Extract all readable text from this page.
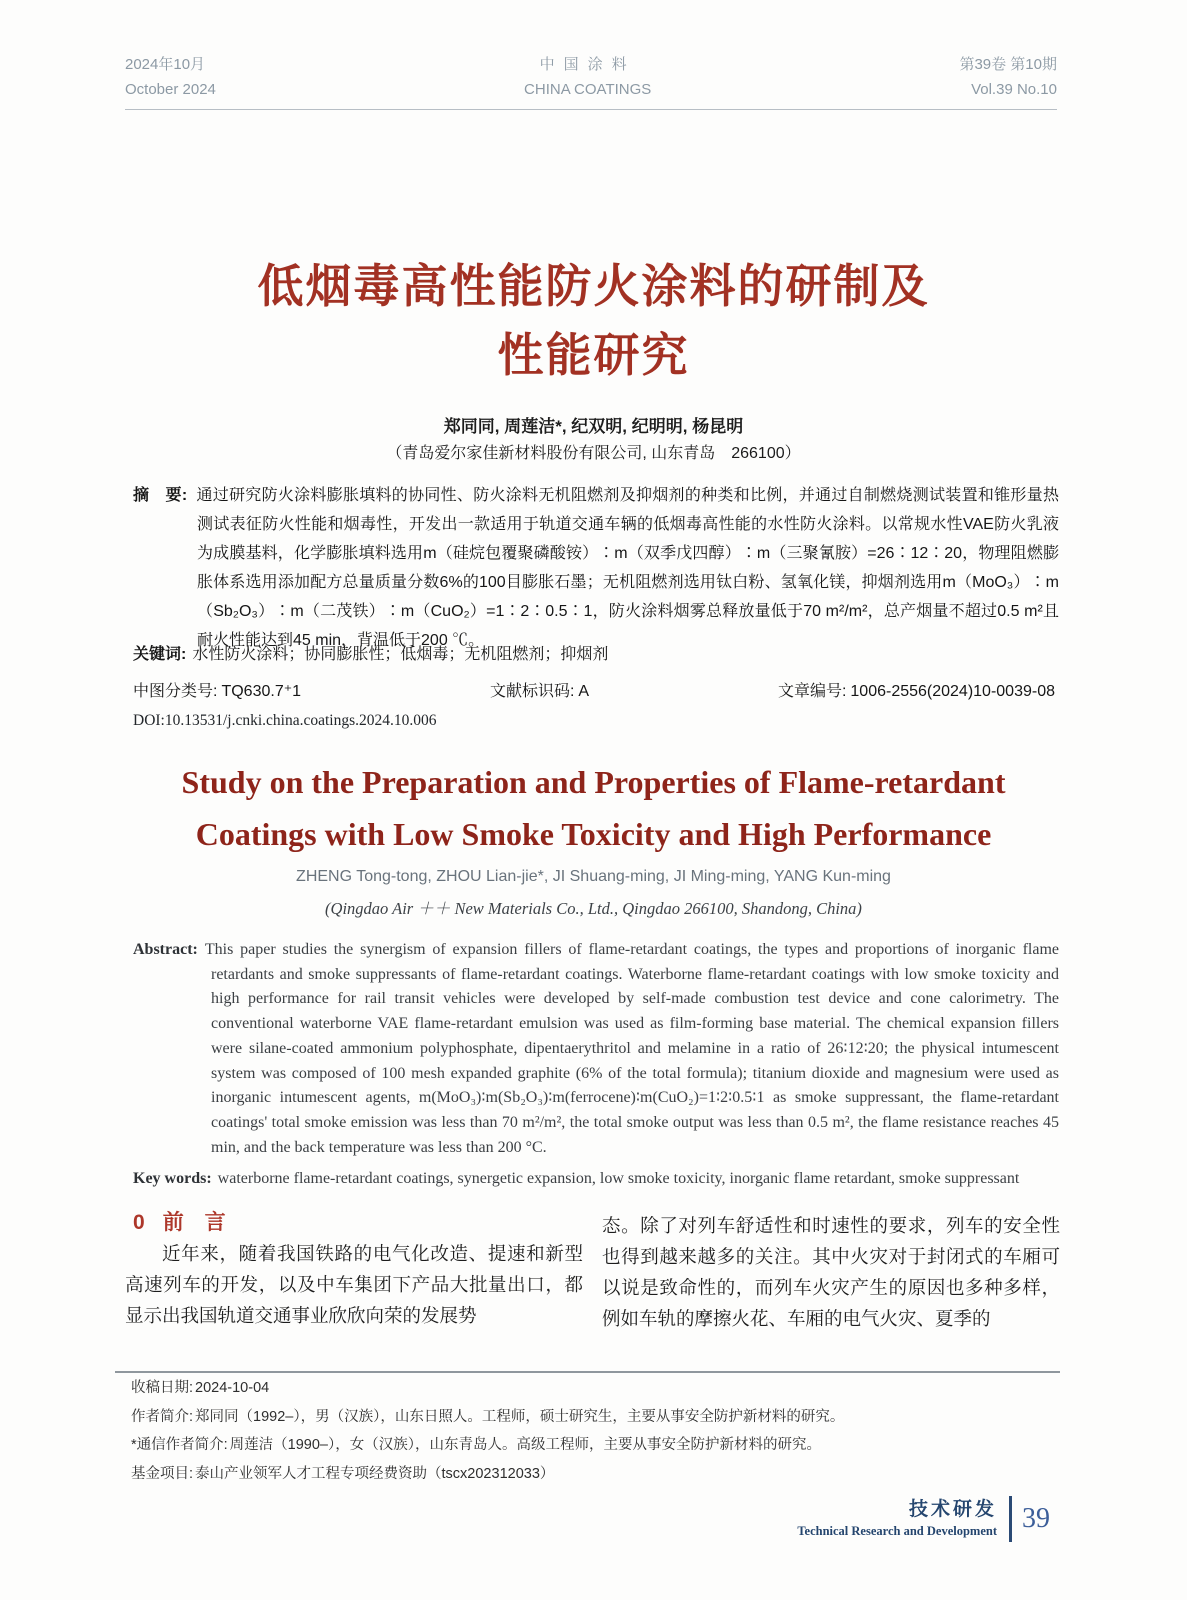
2024年10月
October 2024
中国涂料
CHINA COATINGS
第39卷 第10期
Vol.39 No.10
低烟毒高性能防火涂料的研制及
性能研究
郑同同, 周莲洁*, 纪双明, 纪明明, 杨昆明
（青岛爱尔家佳新材料股份有限公司, 山东青岛　266100）
摘　要: 通过研究防火涂料膨胀填料的协同性、防火涂料无机阻燃剂及抑烟剂的种类和比例，并通过自制燃烧测试装置和锥形量热测试表征防火性能和烟毒性，开发出一款适用于轨道交通车辆的低烟毒高性能的水性防火涂料。以常规水性VAE防火乳液为成膜基料，化学膨胀填料选用m（硅烷包覆聚磷酸铵）∶m（双季戊四醇）∶m（三聚氰胺）=26∶12∶20，物理阻燃膨胀体系选用添加配方总量质量分数6%的100目膨胀石墨；无机阻燃剂选用钛白粉、氢氧化镁，抑烟剂选用m（MoO₃）∶m（Sb₂O₃）∶m（二茂铁）∶m（CuO₂）=1∶2∶0.5∶1，防火涂料烟雾总释放量低于70 m²/m²，总产烟量不超过0.5 m²且耐火性能达到45 min，背温低于200 ℃。
关键词: 水性防火涂料；协同膨胀性；低烟毒；无机阻燃剂；抑烟剂
中图分类号: TQ630.7⁺1	文献标识码: A	文章编号: 1006-2556(2024)10-0039-08
DOI:10.13531/j.cnki.china.coatings.2024.10.006
Study on the Preparation and Properties of Flame-retardant
Coatings with Low Smoke Toxicity and High Performance
ZHENG Tong-tong, ZHOU Lian-jie*, JI Shuang-ming, JI Ming-ming, YANG Kun-ming
(Qingdao Air ＋＋ New Materials Co., Ltd., Qingdao 266100, Shandong, China)
Abstract: This paper studies the synergism of expansion fillers of flame-retardant coatings, the types and proportions of inorganic flame retardants and smoke suppressants of flame-retardant coatings. Waterborne flame-retardant coatings with low smoke toxicity and high performance for rail transit vehicles were developed by self-made combustion test device and cone calorimetry. The conventional waterborne VAE flame-retardant emulsion was used as film-forming base material. The chemical expansion fillers were silane-coated ammonium polyphosphate, dipentaerythritol and melamine in a ratio of 26∶12∶20; the physical intumescent system was composed of 100 mesh expanded graphite (6% of the total formula); titanium dioxide and magnesium were used as inorganic intumescent agents, m(MoO₃)∶m(Sb₂O₃)∶m(ferrocene)∶m(CuO₂)=1∶2∶0.5∶1 as smoke suppressant, the flame-retardant coatings' total smoke emission was less than 70 m²/m², the total smoke output was less than 0.5 m², the flame resistance reaches 45 min, and the back temperature was less than 200 °C.
Key words: waterborne flame-retardant coatings, synergetic expansion, low smoke toxicity, inorganic flame retardant, smoke suppressant
0 前　言

近年来，随着我国铁路的电气化改造、提速和新型高速列车的开发，以及中车集团下产品大批量出口，都显示出我国轨道交通事业欣欣向荣的发展势

态。除了对列车舒适性和时速性的要求，列车的安全性也得到越来越多的关注。其中火灾对于封闭式的车厢可以说是致命性的，而列车火灾产生的原因也多种多样，例如车轨的摩擦火花、车厢的电气火灾、夏季的

收稿日期: 2024-10-04
作者简介: 郑同同（1992–），男（汉族），山东日照人。工程师，硕士研究生，主要从事安全防护新材料的研究。
*通信作者简介: 周莲洁（1990–），女（汉族），山东青岛人。高级工程师，主要从事安全防护新材料的研究。
基金项目: 泰山产业领军人才工程专项经费资助（tscx202312033）
技术研发
Technical Research and Development 39
